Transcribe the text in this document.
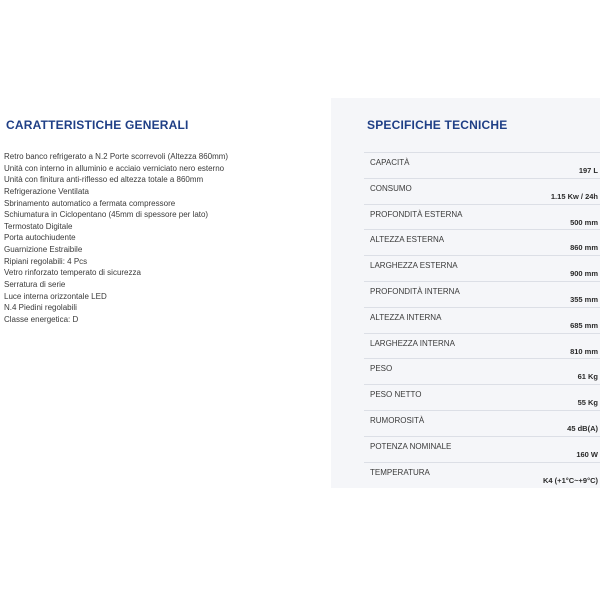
CARATTERISTICHE GENERALI
Retro banco refrigerato a N.2 Porte scorrevoli (Altezza 860mm)
Unità con interno in alluminio e acciaio verniciato nero esterno
Unità con finitura anti-riflesso ed altezza totale a 860mm
Refrigerazione Ventilata
Sbrinamento automatico a fermata compressore
Schiumatura in Ciclopentano (45mm di spessore per lato)
Termostato Digitale
Porta autochiudente
Guarnizione Estraibile
Ripiani regolabili: 4 Pcs
Vetro rinforzato temperato di sicurezza
Serratura di serie
Luce interna orizzontale LED
N.4 Piedini regolabili
Classe energetica: D
SPECIFICHE TECNICHE
CAPACITÀ
197 L
CONSUMO
1.15 Kw / 24h
PROFONDITÀ ESTERNA
500 mm
ALTEZZA ESTERNA
860 mm
LARGHEZZA ESTERNA
900 mm
PROFONDITÀ INTERNA
355 mm
ALTEZZA INTERNA
685 mm
LARGHEZZA INTERNA
810 mm
PESO
61 Kg
PESO NETTO
55 Kg
RUMOROSITÀ
45 dB(A)
POTENZA NOMINALE
160 W
TEMPERATURA
K4 (+1°C~+9°C)
